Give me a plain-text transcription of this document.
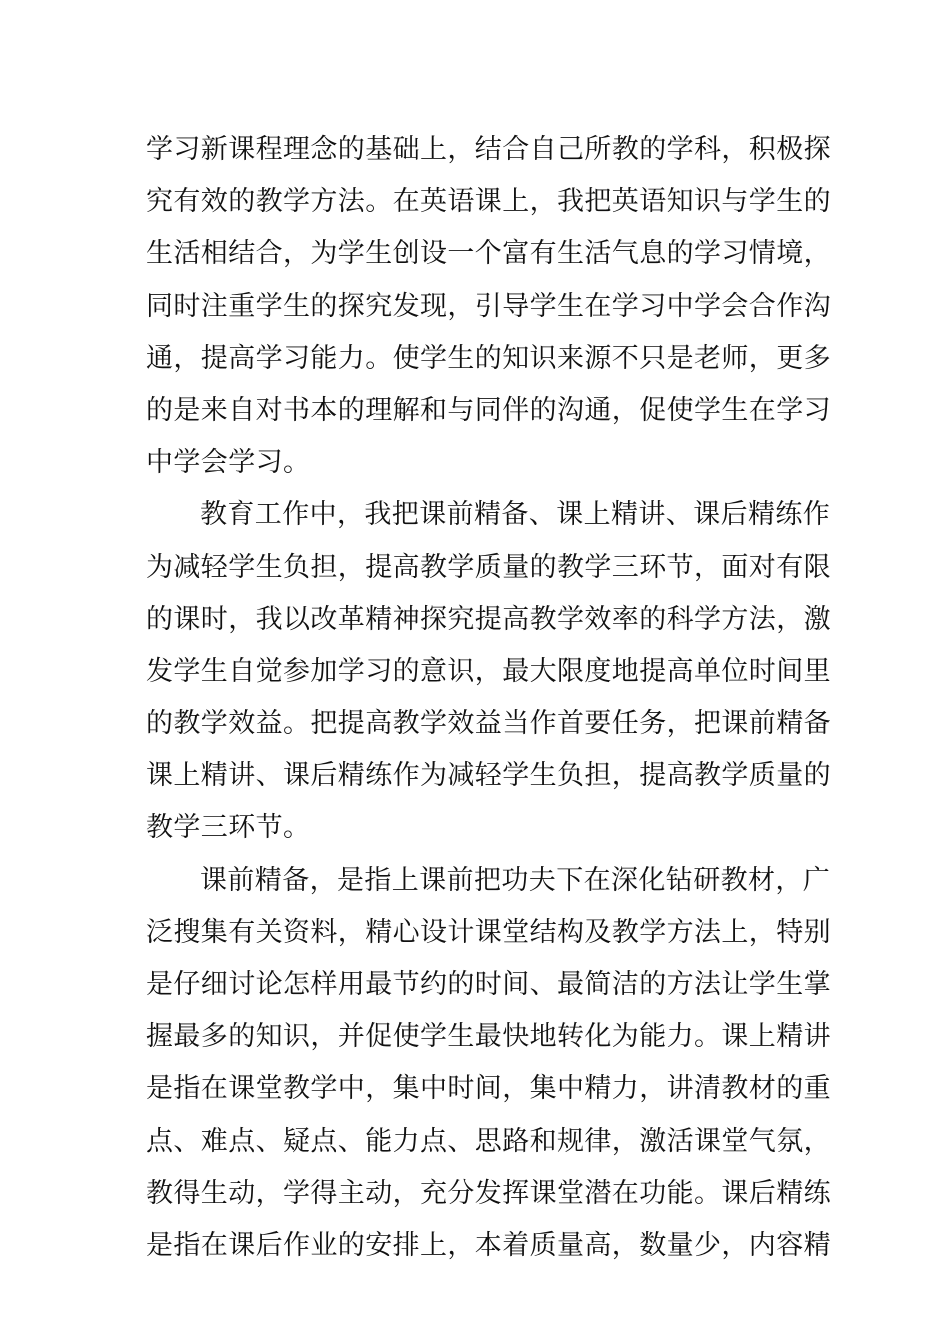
学习新课程理念的基础上，结合自己所教的学科，积极探
究有效的教学方法。在英语课上，我把英语知识与学生的
生活相结合，为学生创设一个富有生活气息的学习情境，
同时注重学生的探究发现，引导学生在学习中学会合作沟
通，提高学习能力。使学生的知识来源不只是老师，更多
的是来自对书本的理解和与同伴的沟通，促使学生在学习
中学会学习。
教育工作中，我把课前精备、课上精讲、课后精练作
为减轻学生负担，提高教学质量的教学三环节，面对有限
的课时，我以改革精神探究提高教学效率的科学方法，激
发学生自觉参加学习的意识，最大限度地提高单位时间里
的教学效益。把提高教学效益当作首要任务，把课前精备
课上精讲、课后精练作为减轻学生负担，提高教学质量的
教学三环节。
课前精备，是指上课前把功夫下在深化钻研教材，广
泛搜集有关资料，精心设计课堂结构及教学方法上，特别
是仔细讨论怎样用最节约的时间、最简洁的方法让学生掌
握最多的知识，并促使学生最快地转化为能力。课上精讲
是指在课堂教学中，集中时间，集中精力，讲清教材的重
点、难点、疑点、能力点、思路和规律，激活课堂气氛，
教得生动，学得主动，充分发挥课堂潜在功能。课后精练
是指在课后作业的安排上，本着质量高，数量少，内容精
